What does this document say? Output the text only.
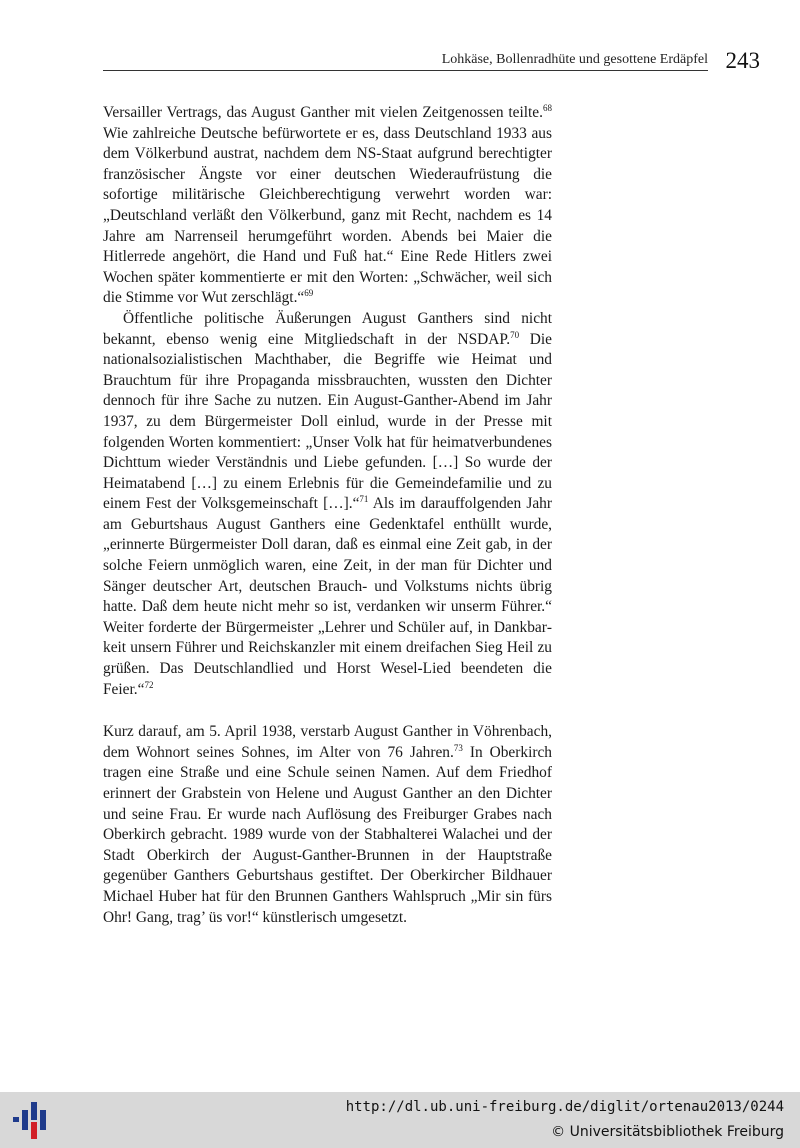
Lohkäse, Bollenradhüte und gesottene Erdäpfel 243

Versailler Vertrags, das August Ganther mit vielen Zeitgenossen teilte.$^{68}$ Wie zahlreiche Deutsche befürwortete er es, dass Deutschland 1933 aus dem Völkerbund austrat, nachdem dem NS-Staat aufgrund berechtigter französischer Ängste vor einer deutschen Wiederaufrüstung die sofortige militärische Gleichberechtigung verwehrt worden war: „Deutschland verläßt den Völkerbund, ganz mit Recht, nachdem es 14 Jahre am Narrenseil herumgeführt worden. Abends bei Maier die Hitlerrede angehört, die Hand und Fuß hat.“ Eine Rede Hitlers zwei Wochen später kommentierte er mit den Worten: „Schwächer, weil sich die Stimme vor Wut zerschlägt.“$^{69}$

Öffentliche politische Äußerungen August Ganthers sind nicht bekannt, ebenso wenig eine Mitgliedschaft in der NSDAP.$^{70}$ Die nationalsozialistischen Machthaber, die Begriffe wie Heimat und Brauchtum für ihre Propaganda missbrauchten, wussten den Dichter dennoch für ihre Sache zu nutzen. Ein August-Ganther-Abend im Jahr 1937, zu dem Bürgermeister Doll einlud, wurde in der Presse mit folgenden Worten kommentiert: „Unser Volk hat für heimatverbundenes Dichttum wieder Verständnis und Liebe gefunden. […] So wurde der Heimatabend […] zu einem Erlebnis für die Gemeindefamilie und zu einem Fest der Volksgemeinschaft […].“$^{71}$ Als im darauffolgenden Jahr am Geburtshaus August Ganthers eine Gedenktafel enthüllt wurde, „erinnerte Bürgermeister Doll daran, daß es einmal eine Zeit gab, in der solche Feiern unmöglich waren, eine Zeit, in der man für Dichter und Sänger deutscher Art, deutschen Brauch- und Volkstums nichts übrig hatte. Daß dem heute nicht mehr so ist, verdanken wir unserm Führer.“ Weiter forderte der Bürgermeister „Lehrer und Schüler auf, in Dankbarkeit unsern Führer und Reichskanzler mit einem dreifachen Sieg Heil zu grüßen. Das Deutschlandlied und Horst Wesel-Lied beendeten die Feier.“$^{72}$

Kurz darauf, am 5. April 1938, verstarb August Ganther in Vöhrenbach, dem Wohnort seines Sohnes, im Alter von 76 Jahren.$^{73}$ In Oberkirch tragen eine Straße und eine Schule seinen Namen. Auf dem Friedhof erinnert der Grabstein von Helene und August Ganther an den Dichter und seine Frau. Er wurde nach Auflösung des Freiburger Grabes nach Oberkirch gebracht. 1989 wurde von der Stabhalterei Walachei und der Stadt Oberkirch der August-Ganther-Brunnen in der Hauptstraße gegenüber Ganthers Geburtshaus gestiftet. Der Oberkircher Bildhauer Michael Huber hat für den Brunnen Ganthers Wahlspruch „Mir sin fürs Ohr! Gang, trag’ üs vor!“ künstlerisch umgesetzt.

http://dl.ub.uni-freiburg.de/diglit/ortenau2013/0244
© Universitätsbibliothek Freiburg
